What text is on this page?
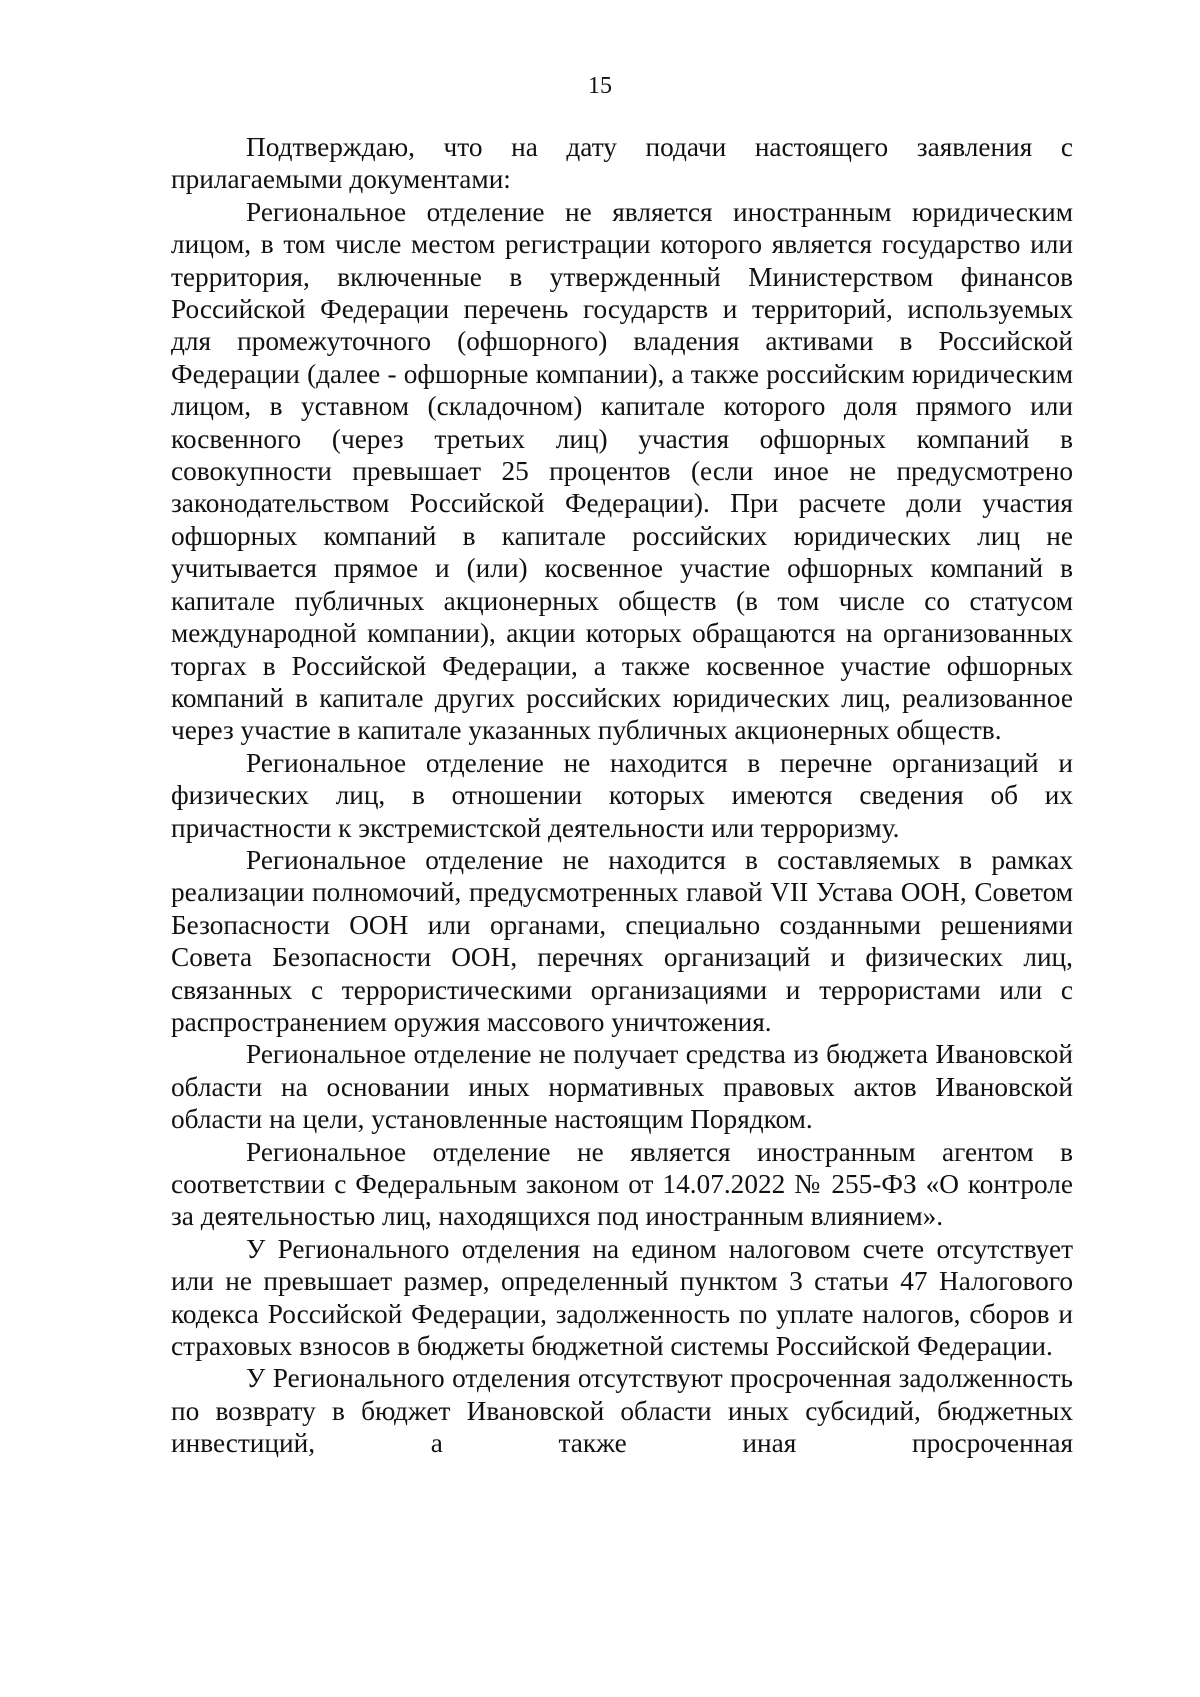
15

Подтверждаю, что на дату подачи настоящего заявления с прилагаемыми документами:

Региональное отделение не является иностранным юридическим лицом, в том числе местом регистрации которого является государство или территория, включенные в утвержденный Министерством финансов Российской Федерации перечень государств и территорий, используемых для промежуточного (офшорного) владения активами в Российской Федерации (далее - офшорные компании), а также российским юридическим лицом, в уставном (складочном) капитале которого доля прямого или косвенного (через третьих лиц) участия офшорных компаний в совокупности превышает 25 процентов (если иное не предусмотрено законодательством Российской Федерации). При расчете доли участия офшорных компаний в капитале российских юридических лиц не учитывается прямое и (или) косвенное участие офшорных компаний в капитале публичных акционерных обществ (в том числе со статусом международной компании), акции которых обращаются на организованных торгах в Российской Федерации, а также косвенное участие офшорных компаний в капитале других российских юридических лиц, реализованное через участие в капитале указанных публичных акционерных обществ.

Региональное отделение не находится в перечне организаций и физических лиц, в отношении которых имеются сведения об их причастности к экстремистской деятельности или терроризму.

Региональное отделение не находится в составляемых в рамках реализации полномочий, предусмотренных главой VII Устава ООН, Советом Безопасности ООН или органами, специально созданными решениями Совета Безопасности ООН, перечнях организаций и физических лиц, связанных с террористическими организациями и террористами или с распространением оружия массового уничтожения.

Региональное отделение не получает средства из бюджета Ивановской области на основании иных нормативных правовых актов Ивановской области на цели, установленные настоящим Порядком.

Региональное отделение не является иностранным агентом в соответствии с Федеральным законом от 14.07.2022 № 255-ФЗ «О контроле за деятельностью лиц, находящихся под иностранным влиянием».

У Регионального отделения на едином налоговом счете отсутствует или не превышает размер, определенный пунктом 3 статьи 47 Налогового кодекса Российской Федерации, задолженность по уплате налогов, сборов и страховых взносов в бюджеты бюджетной системы Российской Федерации.

У Регионального отделения отсутствуют просроченная задолженность по возврату в бюджет Ивановской области иных субсидий, бюджетных инвестиций, а также иная просроченная
